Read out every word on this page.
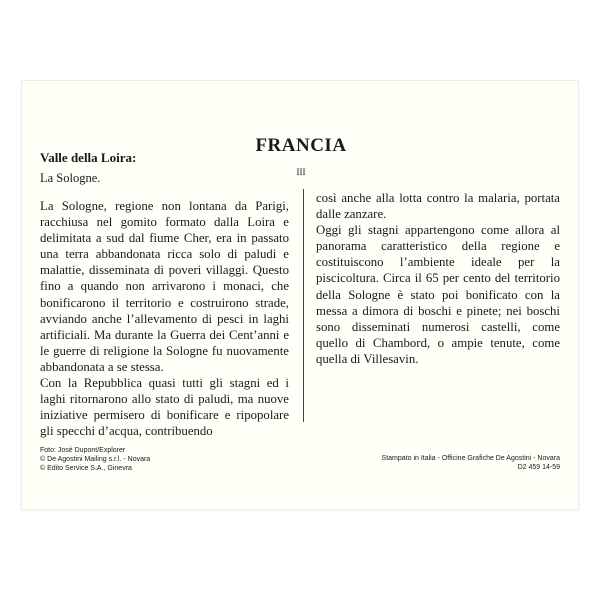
FRANCIA
III
Valle della Loira:
La Sologne.

La Sologne, regione non lontana da Parigi, racchiusa nel gomito formato dalla Loira e delimitata a sud dal fiume Cher, era in passato una terra abbandonata ricca solo di paludi e malattie, disseminata di poveri villaggi. Questo fino a quando non arrivarono i monaci, che bonificarono il territorio e costruirono strade, avviando anche l’allevamento di pesci in laghi artificiali. Ma durante la Guerra dei Cent’anni e le guerre di religione la Sologne fu nuovamente abbandonata a se stessa.

Con la Repubblica quasi tutti gli stagni ed i laghi ritornarono allo stato di paludi, ma nuove iniziative permisero di bonificare e ripopolare gli specchi d’acqua, contribuendo

così anche alla lotta contro la malaria, portata dalle zanzare.

Oggi gli stagni appartengono come allora al panorama caratteristico della regione e costituiscono l’ambiente ideale per la piscicoltura. Circa il 65 per cento del territorio della Sologne è stato poi bonificato con la messa a dimora di boschi e pinete; nei boschi sono disseminati numerosi castelli, come quello di Chambord, o ampie tenute, come quella di Villesavin.

Foto: José Dupont/Explorer
© De Agostini Mailing s.r.l. - Novara
© Edito Service S.A., Ginevra
Stampato in Italia - Officine Grafiche De Agostini - Novara
D2 459 14-59
